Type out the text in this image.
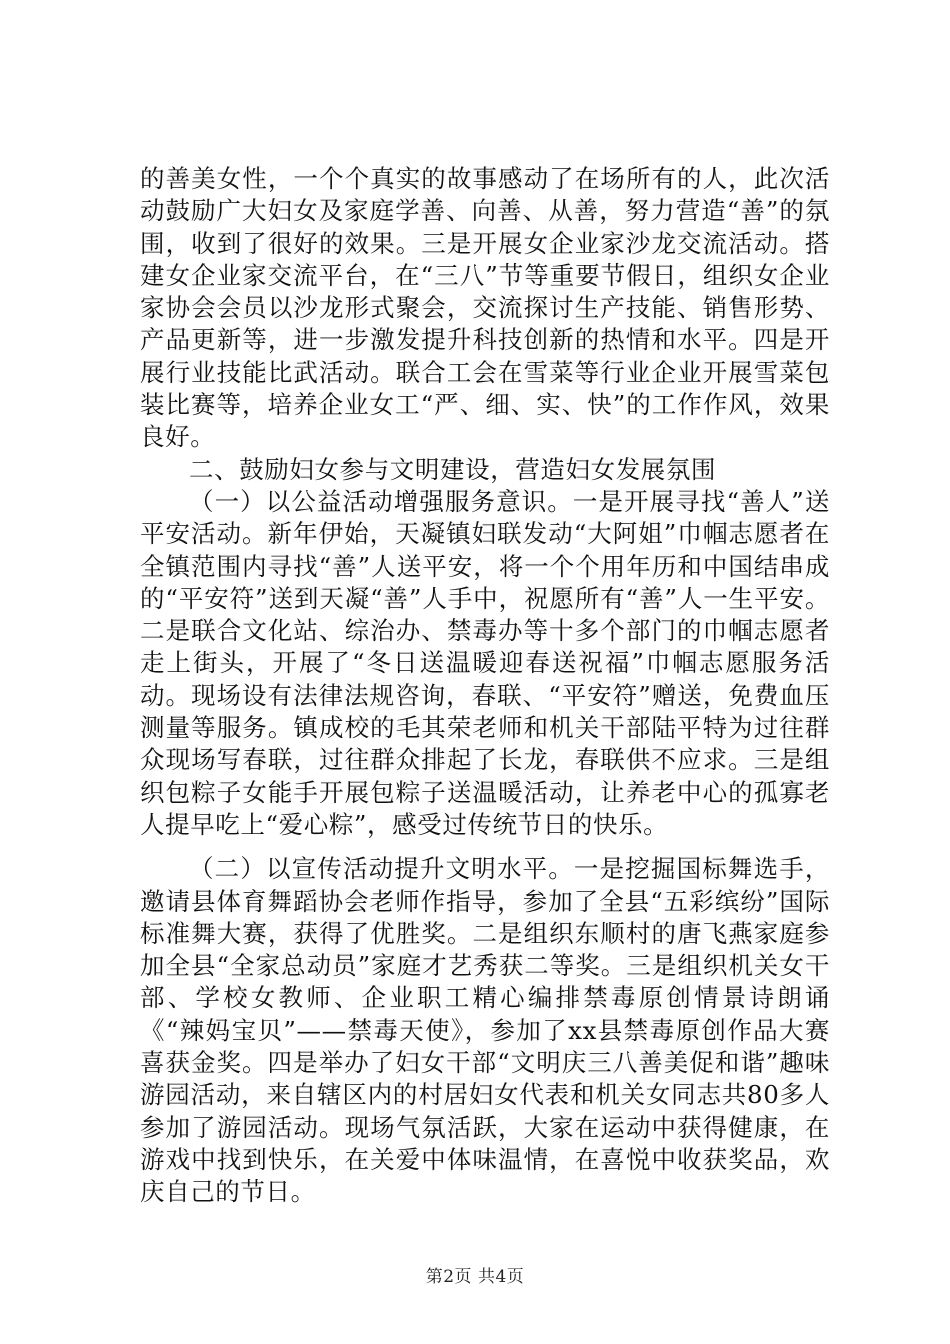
的善美女性，一个个真实的故事感动了在场所有的人，此次活动鼓励广大妇女及家庭学善、向善、从善，努力营造“善”的氛围，收到了很好的效果。三是开展女企业家沙龙交流活动。搭建女企业家交流平台，在“三八”节等重要节假日，组织女企业家协会会员以沙龙形式聚会，交流探讨生产技能、销售形势、产品更新等，进一步激发提升科技创新的热情和水平。四是开展行业技能比武活动。联合工会在雪菜等行业企业开展雪菜包装比赛等，培养企业女工“严、细、实、快”的工作作风，效果良好。

二、鼓励妇女参与文明建设，营造妇女发展氛围

（一）以公益活动增强服务意识。一是开展寻找“善人”送平安活动。新年伊始，天凝镇妇联发动“大阿姐”巾帼志愿者在全镇范围内寻找“善”人送平安，将一个个用年历和中国结串成的“平安符”送到天凝“善”人手中，祝愿所有“善”人一生平安。二是联合文化站、综治办、禁毒办等十多个部门的巾帼志愿者走上街头，开展了“冬日送温暖迎春送祝福”巾帼志愿服务活动。现场设有法律法规咨询，春联、“平安符”赠送，免费血压测量等服务。镇成校的毛其荣老师和机关干部陆平特为过往群众现场写春联，过往群众排起了长龙，春联供不应求。三是组织包粽子女能手开展包粽子送温暖活动，让养老中心的孤寡老人提早吃上“爱心粽”，感受过传统节日的快乐。

（二）以宣传活动提升文明水平。一是挖掘国标舞选手，邀请县体育舞蹈协会老师作指导，参加了全县“五彩缤纷”国际标准舞大赛，获得了优胜奖。二是组织东顺村的唐飞燕家庭参加全县“全家总动员”家庭才艺秀获二等奖。三是组织机关女干部、学校女教师、企业职工精心编排禁毒原创情景诗朗诵《“辣妈宝贝”——禁毒天使》，参加了xx县禁毒原创作品大赛喜获金奖。四是举办了妇女干部“文明庆三八善美促和谐”趣味游园活动，来自辖区内的村居妇女代表和机关女同志共80多人参加了游园活动。现场气氛活跃，大家在运动中获得健康，在游戏中找到快乐，在关爱中体味温情，在喜悦中收获奖品，欢庆自己的节日。

第2页 共4页
